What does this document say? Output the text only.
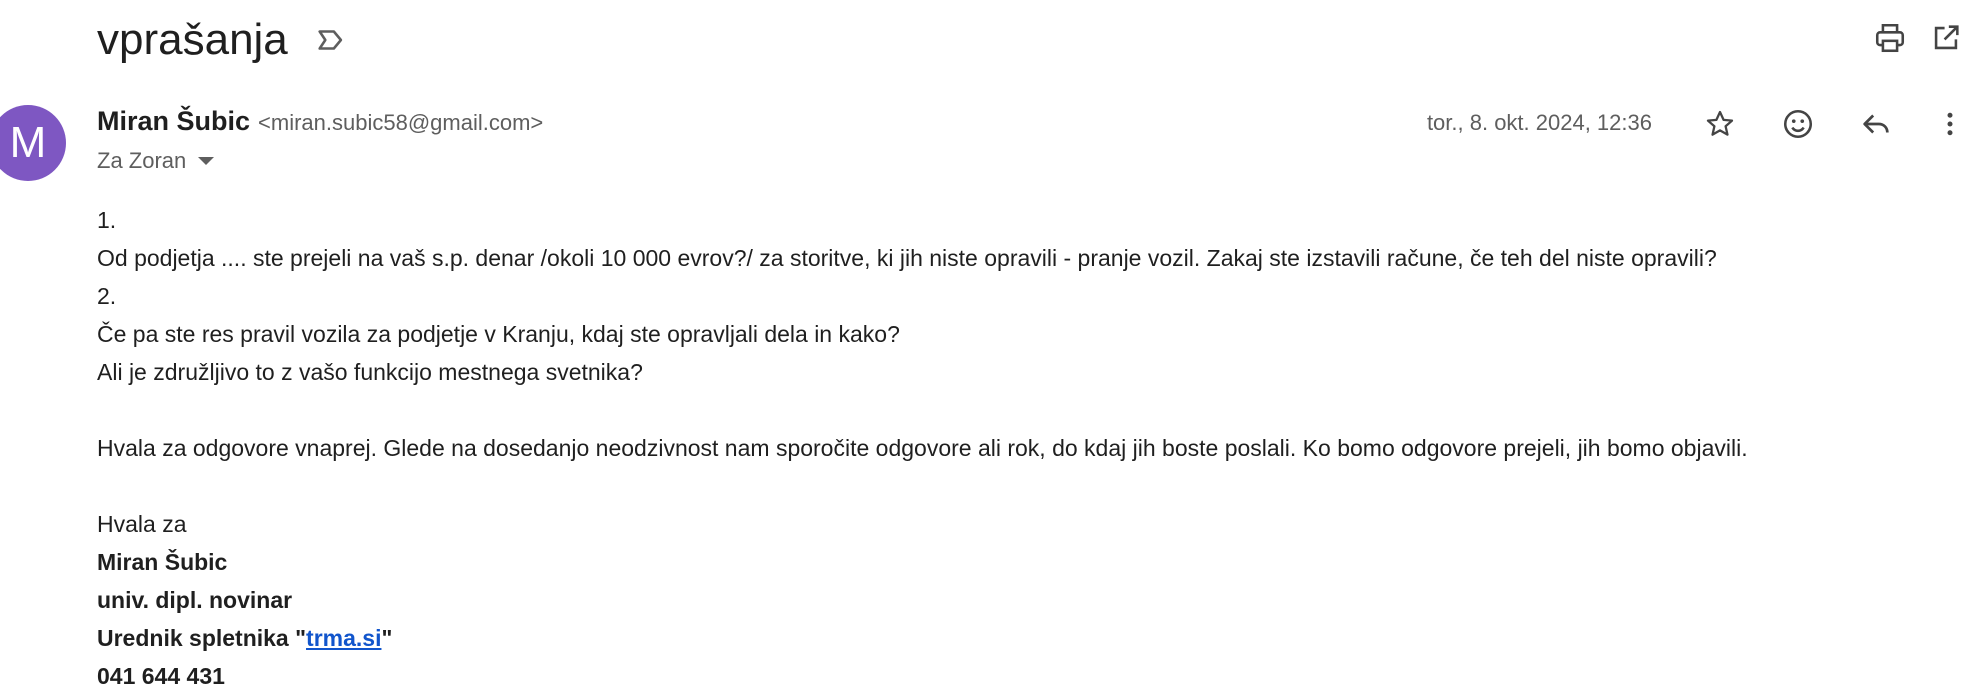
vprašanja
M Miran Šubic <miran.subic58@gmail.com>
Za Zoran
tor., 8. okt. 2024, 12:36
1.
Od podjetja .... ste prejeli na vaš s.p. denar /okoli 10 000 evrov?/ za storitve, ki jih niste opravili - pranje vozil. Zakaj ste izstavili račune, če teh del niste opravili?
2.
Če pa ste res pravil vozila za podjetje v Kranju, kdaj ste opravljali dela in kako?
Ali je združljivo to z vašo funkcijo mestnega svetnika?
Hvala za odgovore vnaprej. Glede na dosedanjo neodzivnost nam sporočite odgovore ali rok, do kdaj jih boste poslali. Ko bomo odgovore prejeli, jih bomo objavili.
Hvala za
Miran Šubic
univ. dipl. novinar
Urednik spletnika "trma.si"
041 644 431
